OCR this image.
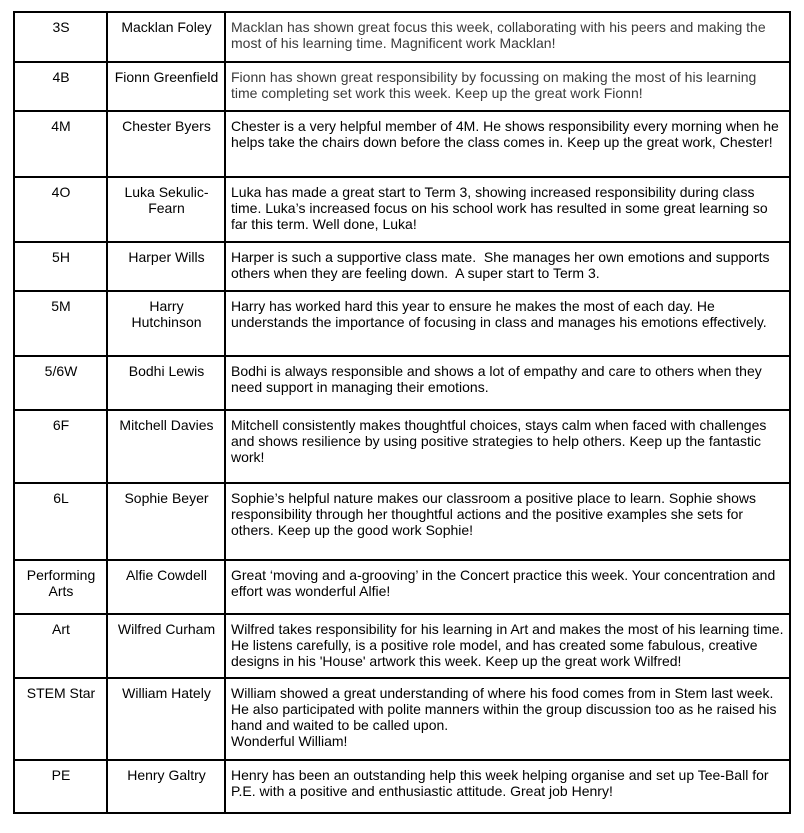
3S	Macklan Foley	Macklan has shown great focus this week, collaborating with his peers and making the most of his learning time. Magnificent work Macklan!
4B	Fionn Greenfield	Fionn has shown great responsibility by focussing on making the most of his learning time completing set work this week. Keep up the great work Fionn!
4M	Chester Byers	Chester is a very helpful member of 4M. He shows responsibility every morning when he helps take the chairs down before the class comes in. Keep up the great work, Chester!
4O	Luka Sekulic-Fearn	Luka has made a great start to Term 3, showing increased responsibility during class time. Luka’s increased focus on his school work has resulted in some great learning so far this term. Well done, Luka!
5H	Harper Wills	Harper is such a supportive class mate.  She manages her own emotions and supports others when they are feeling down.  A super start to Term 3.
5M	Harry Hutchinson	Harry has worked hard this year to ensure he makes the most of each day. He understands the importance of focusing in class and manages his emotions effectively.
5/6W	Bodhi Lewis	Bodhi is always responsible and shows a lot of empathy and care to others when they need support in managing their emotions.
6F	Mitchell Davies	Mitchell consistently makes thoughtful choices, stays calm when faced with challenges and shows resilience by using positive strategies to help others. Keep up the fantastic work!
6L	Sophie Beyer	Sophie’s helpful nature makes our classroom a positive place to learn. Sophie shows responsibility through her thoughtful actions and the positive examples she sets for others. Keep up the good work Sophie!
Performing Arts	Alfie Cowdell	Great ‘moving and a-grooving’ in the Concert practice this week. Your concentration and effort was wonderful Alfie!
Art	Wilfred Curham	Wilfred takes responsibility for his learning in Art and makes the most of his learning time. He listens carefully, is a positive role model, and has created some fabulous, creative designs in his 'House' artwork this week. Keep up the great work Wilfred!
STEM Star	William Hately	William showed a great understanding of where his food comes from in Stem last week. He also participated with polite manners within the group discussion too as he raised his hand and waited to be called upon.
Wonderful William!
PE	Henry Galtry	Henry has been an outstanding help this week helping organise and set up Tee-Ball for P.E. with a positive and enthusiastic attitude. Great job Henry!
